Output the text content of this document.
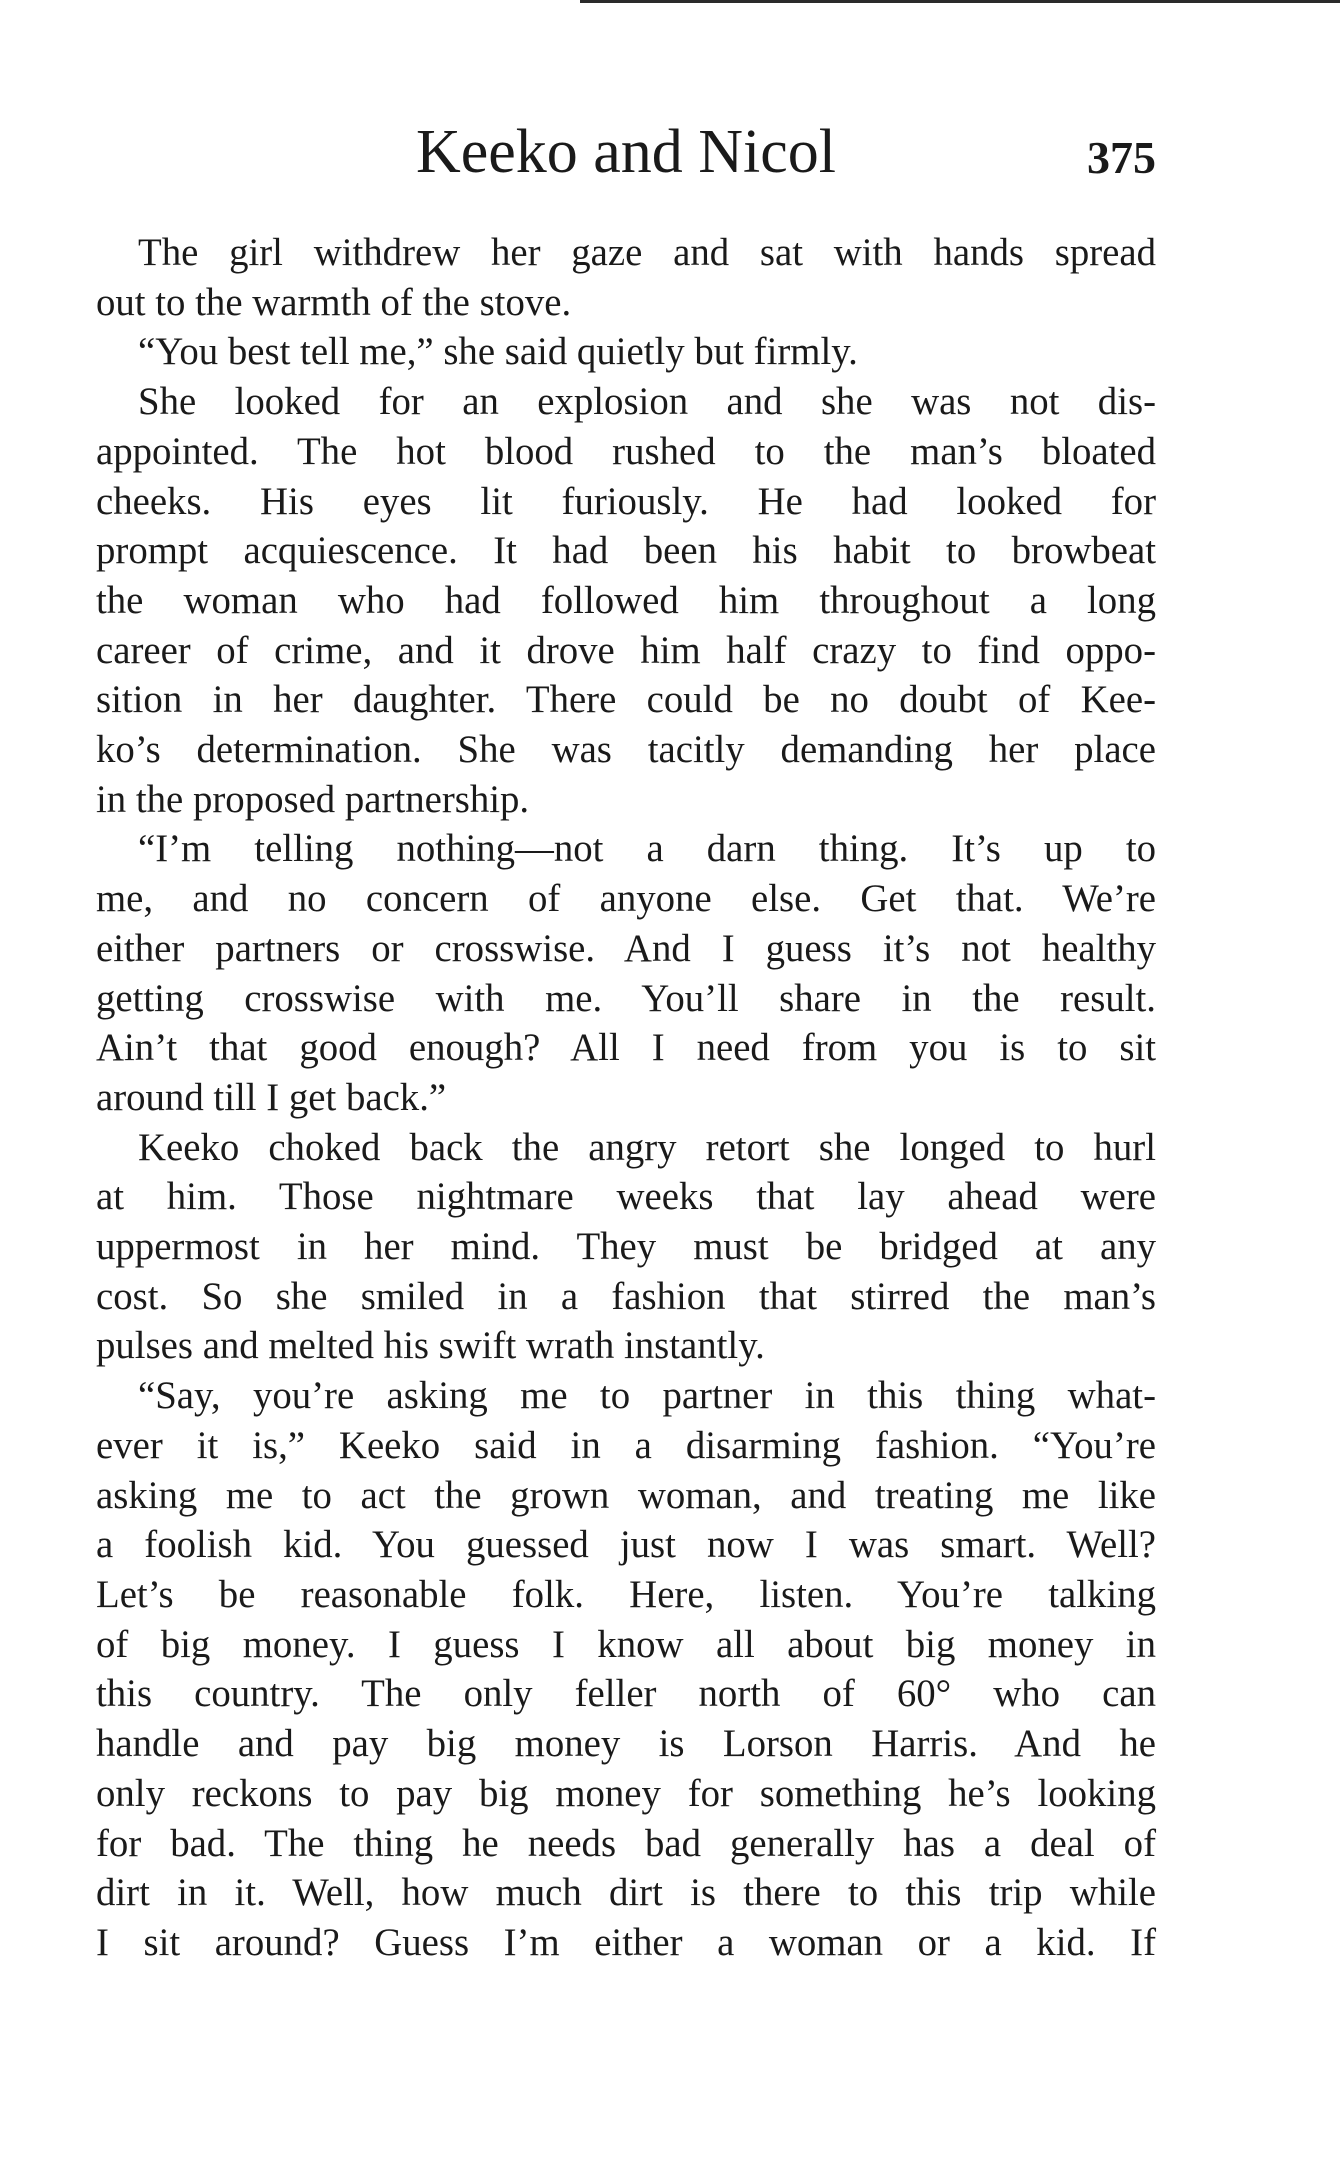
Keeko and Nicol	375

The girl withdrew her gaze and sat with hands spread
out to the warmth of the stove.

“You best tell me,” she said quietly but firmly.

She looked for an explosion and she was not dis-
appointed. The hot blood rushed to the man’s bloated
cheeks. His eyes lit furiously. He had looked for
prompt acquiescence. It had been his habit to browbeat
the woman who had followed him throughout a long
career of crime, and it drove him half crazy to find oppo-
sition in her daughter. There could be no doubt of Kee-
ko’s determination. She was tacitly demanding her place
in the proposed partnership.

“I’m telling nothing—not a darn thing. It’s up to
me, and no concern of anyone else. Get that. We’re
either partners or crosswise. And I guess it’s not healthy
getting crosswise with me. You’ll share in the result.
Ain’t that good enough? All I need from you is to sit
around till I get back.”

Keeko choked back the angry retort she longed to hurl
at him. Those nightmare weeks that lay ahead were
uppermost in her mind. They must be bridged at any
cost. So she smiled in a fashion that stirred the man’s
pulses and melted his swift wrath instantly.

“Say, you’re asking me to partner in this thing what-
ever it is,” Keeko said in a disarming fashion. “You’re
asking me to act the grown woman, and treating me like
a foolish kid. You guessed just now I was smart. Well?
Let’s be reasonable folk. Here, listen. You’re talking
of big money. I guess I know all about big money in
this country. The only feller north of 60° who can
handle and pay big money is Lorson Harris. And he
only reckons to pay big money for something he’s looking
for bad. The thing he needs bad generally has a deal of
dirt in it. Well, how much dirt is there to this trip while
I sit around? Guess I’m either a woman or a kid. If
